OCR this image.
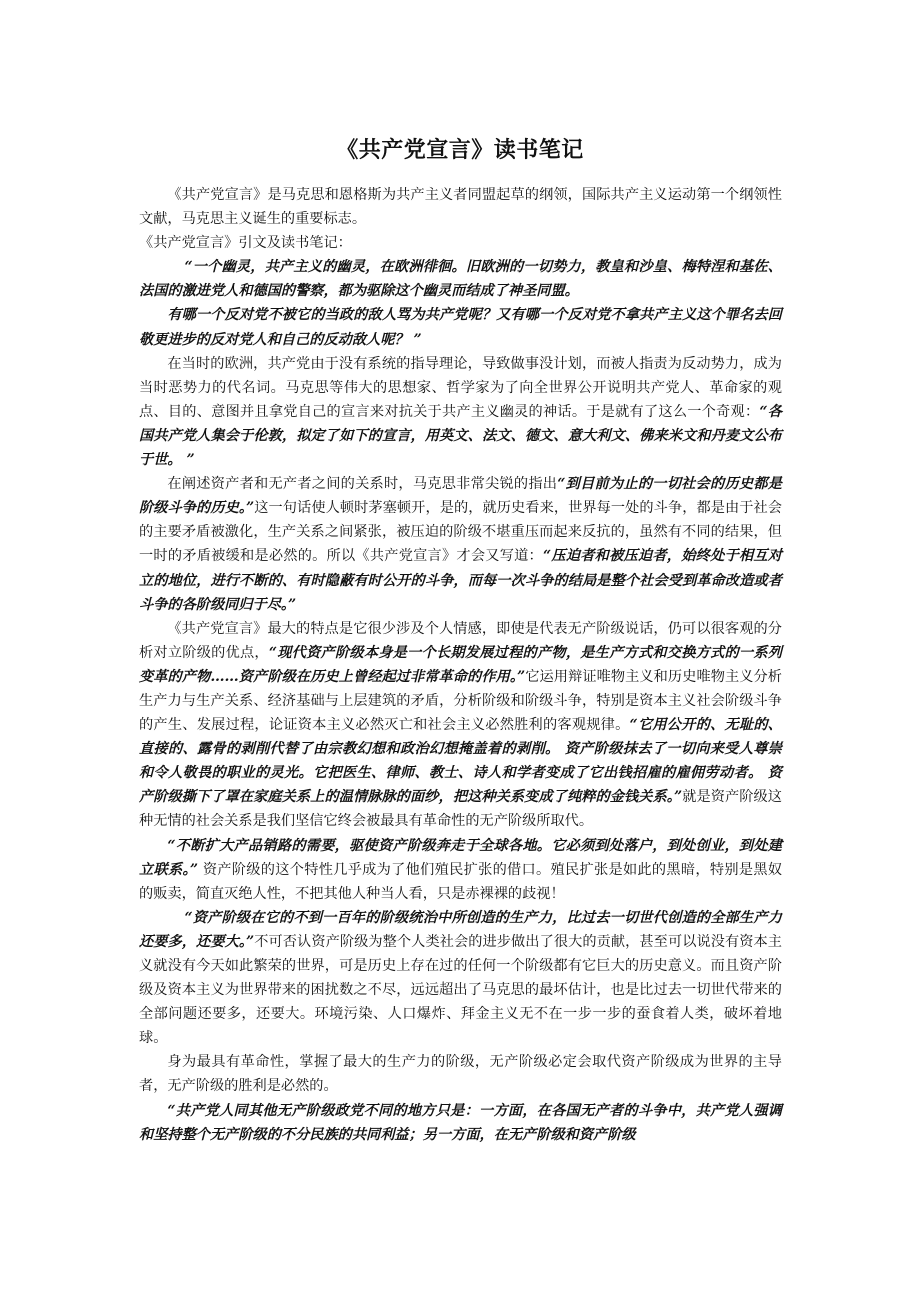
《共产党宣言》读书笔记

《共产党宣言》是马克思和恩格斯为共产主义者同盟起草的纲领，国际共产主义运动第一个纲领性文献，马克思主义诞生的重要标志。

《共产党宣言》引文及读书笔记：

“一个幽灵，共产主义的幽灵，在欧洲徘徊。旧欧洲的一切势力，教皇和沙皇、梅特涅和基佐、法国的激进党人和德国的警察，都为驱除这个幽灵而结成了神圣同盟。

有哪一个反对党不被它的当政的敌人骂为共产党呢？又有哪一个反对党不拿共产主义这个罪名去回敬更进步的反对党人和自己的反动敌人呢？ ”

在当时的欧洲，共产党由于没有系统的指导理论，导致做事没计划，而被人指责为反动势力，成为当时恶势力的代名词。马克思等伟大的思想家、哲学家为了向全世界公开说明共产党人、革命家的观点、目的、意图并且拿党自己的宣言来对抗关于共产主义幽灵的神话。于是就有了这么一个奇观：“各国共产党人集会于伦敦，拟定了如下的宣言，用英文、法文、德文、意大利文、佛来米文和丹麦文公布于世。 ”

在阐述资产者和无产者之间的关系时，马克思非常尖锐的指出“到目前为止的一切社会的历史都是阶级斗争的历史。”这一句话使人顿时茅塞顿开，是的，就历史看来，世界每一处的斗争，都是由于社会的主要矛盾被激化，生产关系之间紧张，被压迫的阶级不堪重压而起来反抗的，虽然有不同的结果，但一时的矛盾被缓和是必然的。所以《共产党宣言》才会又写道：“压迫者和被压迫者，始终处于相互对立的地位，进行不断的、有时隐蔽有时公开的斗争，而每一次斗争的结局是整个社会受到革命改造或者斗争的各阶级同归于尽。”

《共产党宣言》最大的特点是它很少涉及个人情感，即使是代表无产阶级说话，仍可以很客观的分析对立阶级的优点，“现代资产阶级本身是一个长期发展过程的产物，是生产方式和交换方式的一系列变革的产物……资产阶级在历史上曾经起过非常革命的作用。”它运用辩证唯物主义和历史唯物主义分析生产力与生产关系、经济基础与上层建筑的矛盾，分析阶级和阶级斗争，特别是资本主义社会阶级斗争的产生、发展过程，论证资本主义必然灭亡和社会主义必然胜利的客观规律。“它用公开的、无耻的、直接的、露骨的剥削代替了由宗教幻想和政治幻想掩盖着的剥削。 资产阶级抹去了一切向来受人尊崇和令人敬畏的职业的灵光。它把医生、律师、教士、诗人和学者变成了它出钱招雇的雇佣劳动者。 资产阶级撕下了罩在家庭关系上的温情脉脉的面纱，把这种关系变成了纯粹的金钱关系。”就是资产阶级这种无情的社会关系是我们坚信它终会被最具有革命性的无产阶级所取代。

“不断扩大产品销路的需要，驱使资产阶级奔走于全球各地。它必须到处落户，到处创业，到处建立联系。” 资产阶级的这个特性几乎成为了他们殖民扩张的借口。殖民扩张是如此的黑暗，特别是黑奴的贩卖，简直灭绝人性，不把其他人种当人看，只是赤裸裸的歧视！

“资产阶级在它的不到一百年的阶级统治中所创造的生产力，比过去一切世代创造的全部生产力还要多，还要大。”不可否认资产阶级为整个人类社会的进步做出了很大的贡献，甚至可以说没有资本主义就没有今天如此繁荣的世界，可是历史上存在过的任何一个阶级都有它巨大的历史意义。而且资产阶级及资本主义为世界带来的困扰数之不尽，远远超出了马克思的最坏估计，也是比过去一切世代带来的全部问题还要多，还要大。环境污染、人口爆炸、拜金主义无不在一步一步的蚕食着人类，破坏着地球。

身为最具有革命性，掌握了最大的生产力的阶级，无产阶级必定会取代资产阶级成为世界的主导者，无产阶级的胜利是必然的。

“共产党人同其他无产阶级政党不同的地方只是：一方面，在各国无产者的斗争中，共产党人强调和坚持整个无产阶级的不分民族的共同利益；另一方面，在无产阶级和资产阶级
